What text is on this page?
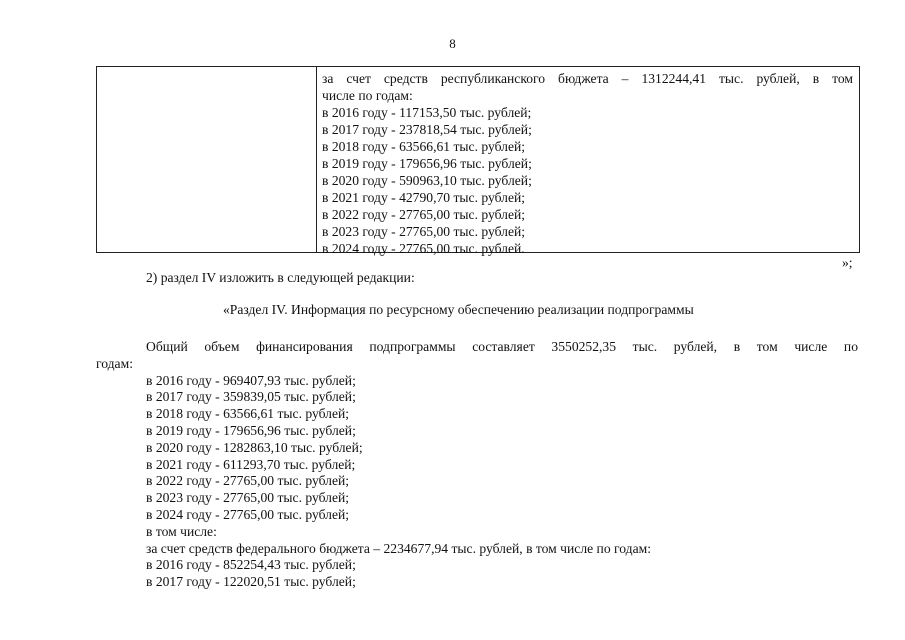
8
за счет средств республиканского бюджета – 1312244,41 тыс. рублей, в том
числе по годам:
в 2016 году - 117153,50 тыс. рублей;
в 2017 году - 237818,54 тыс. рублей;
в 2018 году - 63566,61 тыс. рублей;
в 2019 году - 179656,96 тыс. рублей;
в 2020 году - 590963,10 тыс. рублей;
в 2021 году - 42790,70 тыс. рублей;
в 2022 году - 27765,00 тыс. рублей;
в 2023 году - 27765,00 тыс. рублей;
в 2024 году - 27765,00 тыс. рублей.
»;
2) раздел IV изложить в следующей редакции:
«Раздел IV. Информация по ресурсному обеспечению реализации подпрограммы
Общий объем финансирования подпрограммы составляет 3550252,35 тыс. рублей, в том числе по
годам:
в 2016 году - 969407,93 тыс. рублей;
в 2017 году - 359839,05 тыс. рублей;
в 2018 году - 63566,61 тыс. рублей;
в 2019 году - 179656,96 тыс. рублей;
в 2020 году - 1282863,10 тыс. рублей;
в 2021 году - 611293,70 тыс. рублей;
в 2022 году - 27765,00 тыс. рублей;
в 2023 году - 27765,00 тыс. рублей;
в 2024 году - 27765,00 тыс. рублей;
в том числе:
за счет средств федерального бюджета – 2234677,94 тыс. рублей, в том числе по годам:
в 2016 году - 852254,43 тыс. рублей;
в 2017 году - 122020,51 тыс. рублей;
